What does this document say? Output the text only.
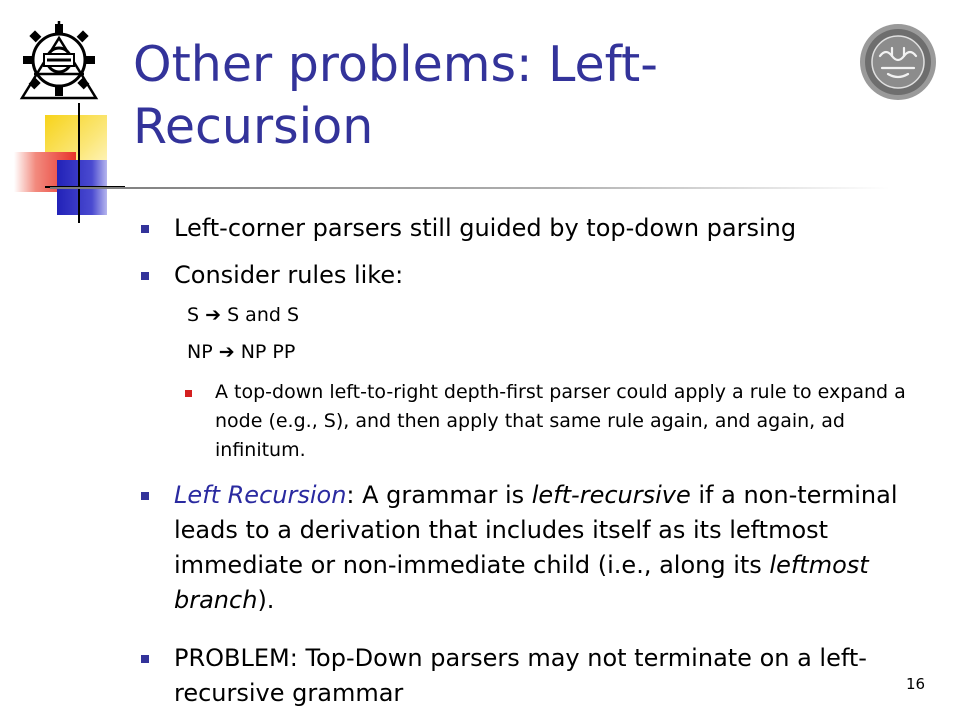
Other problems: Left-Recursion
Left-corner parsers still guided by top-down parsing
Consider rules like:
S ➔ S and S
NP ➔ NP PP
A top-down left-to-right depth-first parser could apply a rule to expand a node (e.g., S), and then apply that same rule again, and again, ad infinitum.
Left Recursion: A grammar is left-recursive if a non-terminal leads to a derivation that includes itself as its leftmost immediate or non-immediate child (i.e., along its leftmost branch).
PROBLEM: Top-Down parsers may not terminate on a left-recursive grammar	16
